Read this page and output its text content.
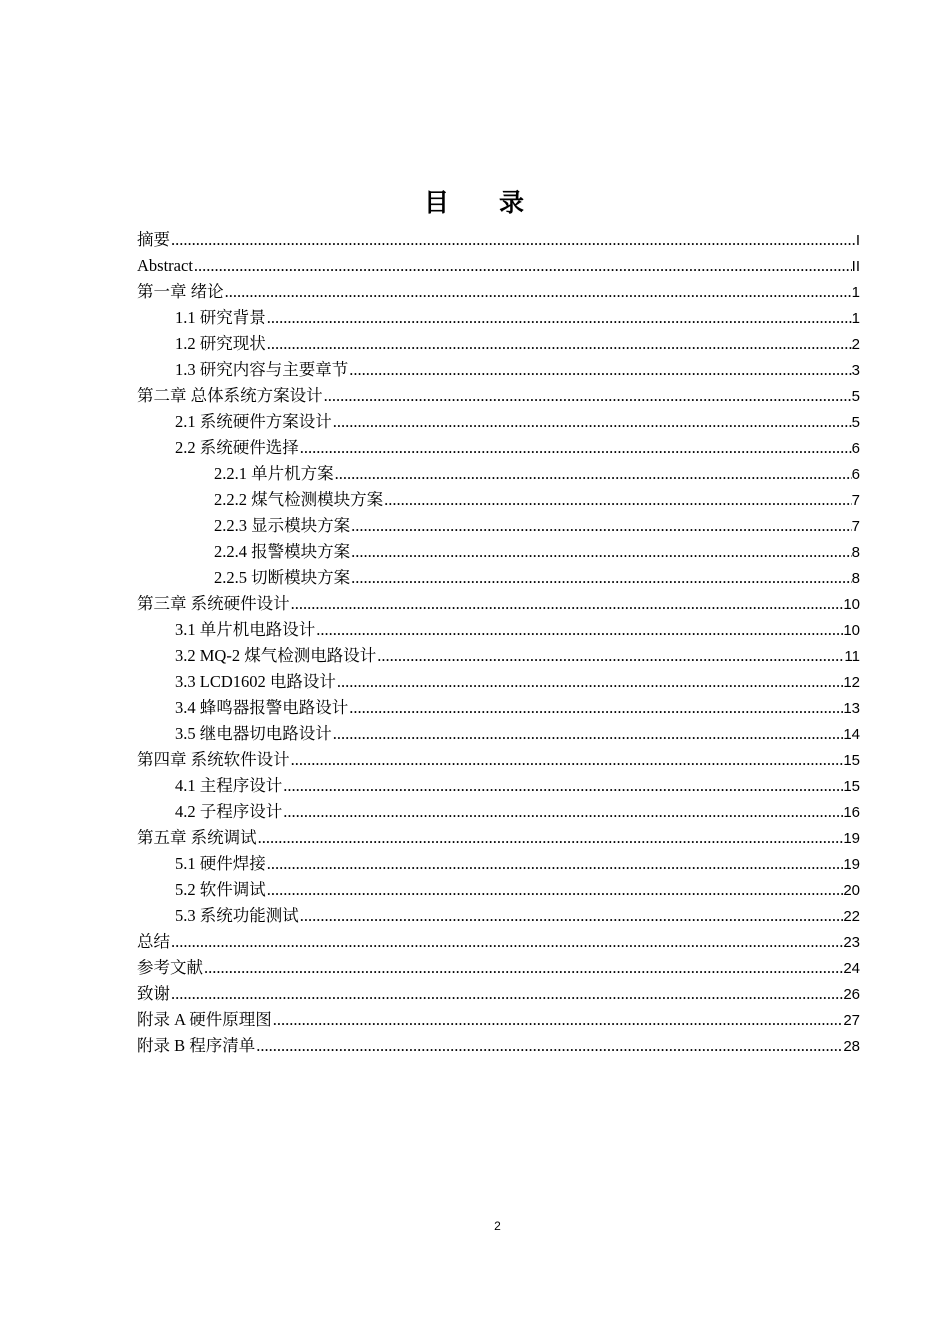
目录
摘要 .....	I
Abstract .....	II
第一章 绪论 .....	1
1.1 研究背景 .....	1
1.2 研究现状 .....	2
1.3 研究内容与主要章节 .....	3
第二章 总体系统方案设计 .....	5
2.1 系统硬件方案设计 .....	5
2.2 系统硬件选择 .....	6
2.2.1 单片机方案 .....	6
2.2.2 煤气检测模块方案 .....	7
2.2.3 显示模块方案 .....	7
2.2.4 报警模块方案 .....	8
2.2.5 切断模块方案 .....	8
第三章 系统硬件设计 .....	10
3.1 单片机电路设计 .....	10
3.2 MQ-2 煤气检测电路设计 .....	11
3.3 LCD1602 电路设计 .....	12
3.4 蜂鸣器报警电路设计 .....	13
3.5 继电器切电路设计 .....	14
第四章 系统软件设计 .....	15
4.1 主程序设计 .....	15
4.2 子程序设计 .....	16
第五章 系统调试 .....	19
5.1 硬件焊接 .....	19
5.2 软件调试 .....	20
5.3 系统功能测试 .....	22
总结 .....	23
参考文献 .....	24
致谢 .....	26
附录 A 硬件原理图 .....	27
附录 B 程序清单 .....	28
2
